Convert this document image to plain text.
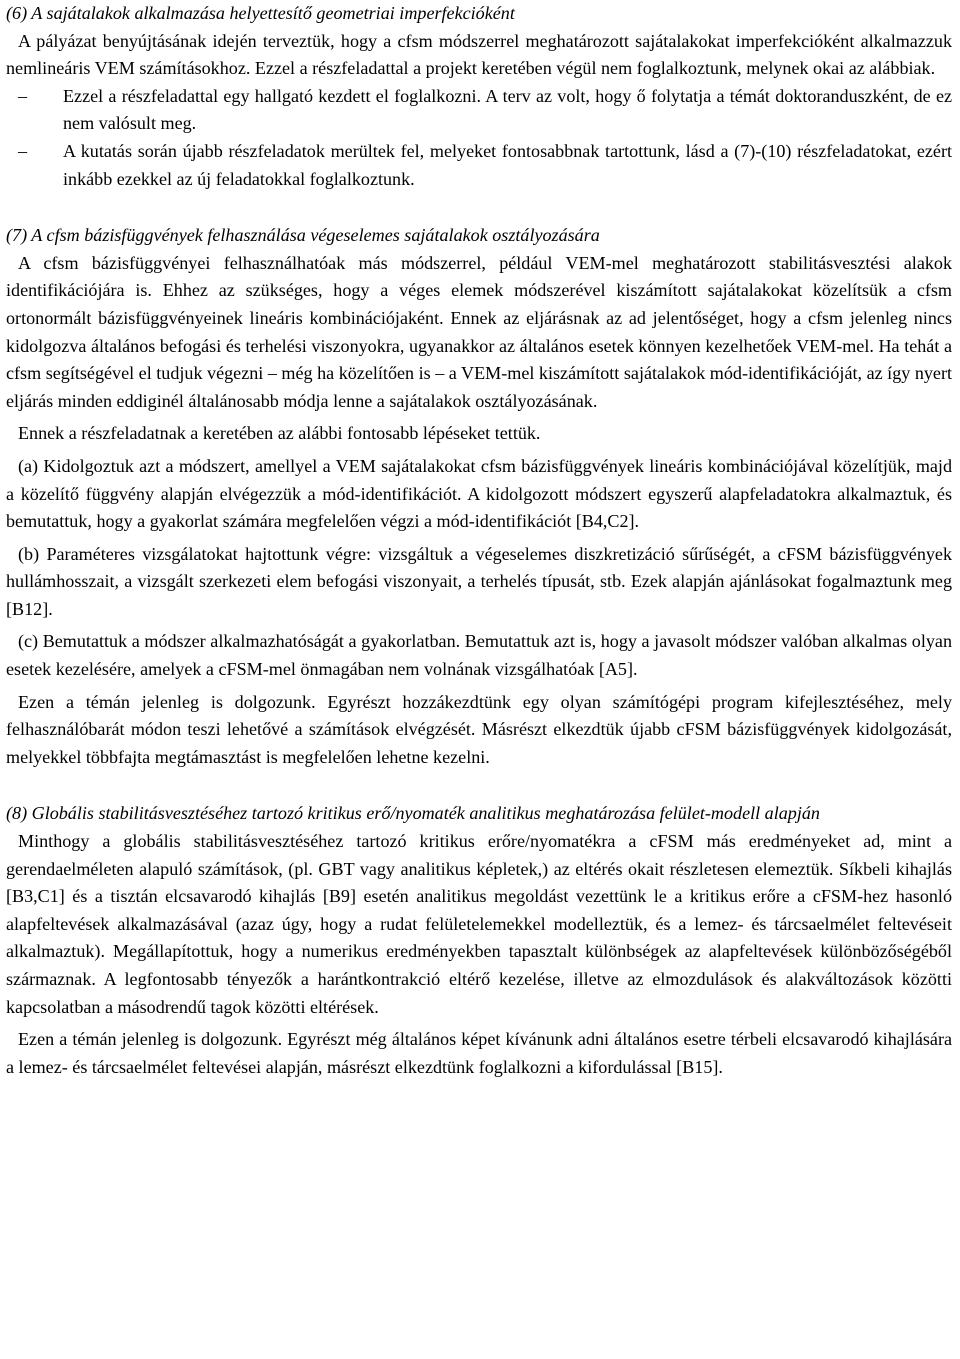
(6) A sajátalakok alkalmazása helyettesítő geometriai imperfekcióként

A pályázat benyújtásának idején terveztük, hogy a cfsm módszerrel meghatározott sajátalakokat imperfekcióként alkalmazzuk nemlineáris VEM számításokhoz. Ezzel a részfeladattal a projekt keretében végül nem foglalkoztunk, melynek okai az alábbiak.

– Ezzel a részfeladattal egy hallgató kezdett el foglalkozni. A terv az volt, hogy ő folytatja a témát doktoranduszként, de ez nem valósult meg.
– A kutatás során újabb részfeladatok merültek fel, melyeket fontosabbnak tartottunk, lásd a (7)-(10) részfeladatokat, ezért inkább ezekkel az új feladatokkal foglalkoztunk.

(7) A cfsm bázisfüggvények felhasználása végeselemes sajátalakok osztályozására

A cfsm bázisfüggvényei felhasználhatóak más módszerrel, például VEM-mel meghatározott stabilitásvesztési alakok identifikációjára is. Ehhez az szükséges, hogy a véges elemek módszerével kiszámított sajátalakokat közelítsük a cfsm ortonormált bázisfüggvényeinek lineáris kombinációjaként. Ennek az eljárásnak az ad jelentőséget, hogy a cfsm jelenleg nincs kidolgozva általános befogási és terhelési viszonyokra, ugyanakkor az általános esetek könnyen kezelhetőek VEM-mel. Ha tehát a cfsm segítségével el tudjuk végezni – még ha közelítően is – a VEM-mel kiszámított sajátalakok mód-identifikációját, az így nyert eljárás minden eddiginél általánosabb módja lenne a sajátalakok osztályozásának.

Ennek a részfeladatnak a keretében az alábbi fontosabb lépéseket tettük.

(a) Kidolgoztuk azt a módszert, amellyel a VEM sajátalakokat cfsm bázisfüggvények lineáris kombinációjával közelítjük, majd a közelítő függvény alapján elvégezzük a mód-identifikációt. A kidolgozott módszert egyszerű alapfeladatokra alkalmaztuk, és bemutattuk, hogy a gyakorlat számára megfelelően végzi a mód-identifikációt [B4,C2].

(b) Paraméteres vizsgálatokat hajtottunk végre: vizsgáltuk a végeselemes diszkretizáció sűrűségét, a cFSM bázisfüggvények hullámhosszait, a vizsgált szerkezeti elem befogási viszonyait, a terhelés típusát, stb. Ezek alapján ajánlásokat fogalmaztunk meg [B12].

(c) Bemutattuk a módszer alkalmazhatóságát a gyakorlatban. Bemutattuk azt is, hogy a javasolt módszer valóban alkalmas olyan esetek kezelésére, amelyek a cFSM-mel önmagában nem volnának vizsgálhatóak [A5].

Ezen a témán jelenleg is dolgozunk. Egyrészt hozzákezdtünk egy olyan számítógépi program kifejlesztéséhez, mely felhasználóbarát módon teszi lehetővé a számítások elvégzését. Másrészt elkezdtük újabb cFSM bázisfüggvények kidolgozását, melyekkel többfajta megtámasztást is megfelelően lehetne kezelni.

(8) Globális stabilitásvesztéséhez tartozó kritikus erő/nyomaték analitikus meghatározása felület-modell alapján

Minthogy a globális stabilitásvesztéséhez tartozó kritikus erőre/nyomatékra a cFSM más eredményeket ad, mint a gerendaelméleten alapuló számítások, (pl. GBT vagy analitikus képletek,) az eltérés okait részletesen elemeztük. Síkbeli kihajlás [B3,C1] és a tisztán elcsavarodó kihajlás [B9] esetén analitikus megoldást vezettünk le a kritikus erőre a cFSM-hez hasonló alapfeltevések alkalmazásával (azaz úgy, hogy a rudat felületelemekkel modelleztük, és a lemez- és tárcsaelmélet feltevéseit alkalmaztuk). Megállapítottuk, hogy a numerikus eredményekben tapasztalt különbségek az alapfeltevések különbözőségéből származnak. A legfontosabb tényezők a harántkontrakció eltérő kezelése, illetve az elmozdulások és alakváltozások közötti kapcsolatban a másodrendű tagok közötti eltérések.

Ezen a témán jelenleg is dolgozunk. Egyrészt még általános képet kívánunk adni általános esetre térbeli elcsavarodó kihajlására a lemez- és tárcsaelmélet feltevései alapján, másrészt elkezdtünk foglalkozni a kifordulással [B15].
